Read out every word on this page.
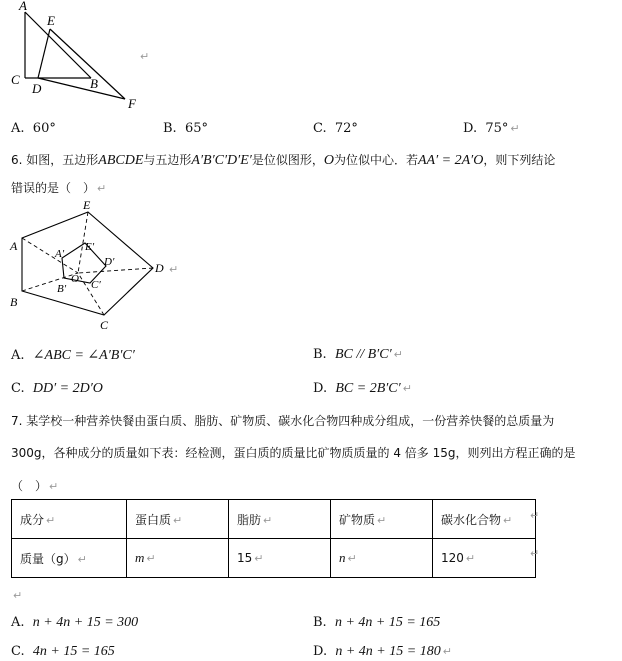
A
E
C
D	B
F
↵
A. 60°	B. 65°	C. 72°	D. 75° ↵
6. 如图，五边形ABCDE与五边形A′B′C′D′E′是位似图形，O为位似中心．若AA′ = 2A′O，则下列结论
错误的是（　） ↵
E
A
B
C
D
E′
A′
D′
O
B′ C′
↵
A. ∠ABC = ∠A′B′C′	B. BC // B′C′ ↵
C. DD′ = 2D′O	D. BC = 2B′C′ ↵
7. 某学校一种营养快餐由蛋白质、脂肪、矿物质、碳水化合物四种成分组成，一份营养快餐的总质量为
300g，各种成分的质量如下表：经检测，蛋白质的质量比矿物质质量的 4 倍多 15g，则列出方程正确的是
（　） ↵
成分 ↵	蛋白质 ↵	脂肪 ↵	矿物质 ↵	碳水化合物 ↵
质量（g） ↵	m ↵	15 ↵	n ↵	120 ↵
↵
↵
↵
A. n + 4n + 15 = 300	B. n + 4n + 15 = 165
C. 4n + 15 = 165	D. n + 4n + 15 = 180 ↵
